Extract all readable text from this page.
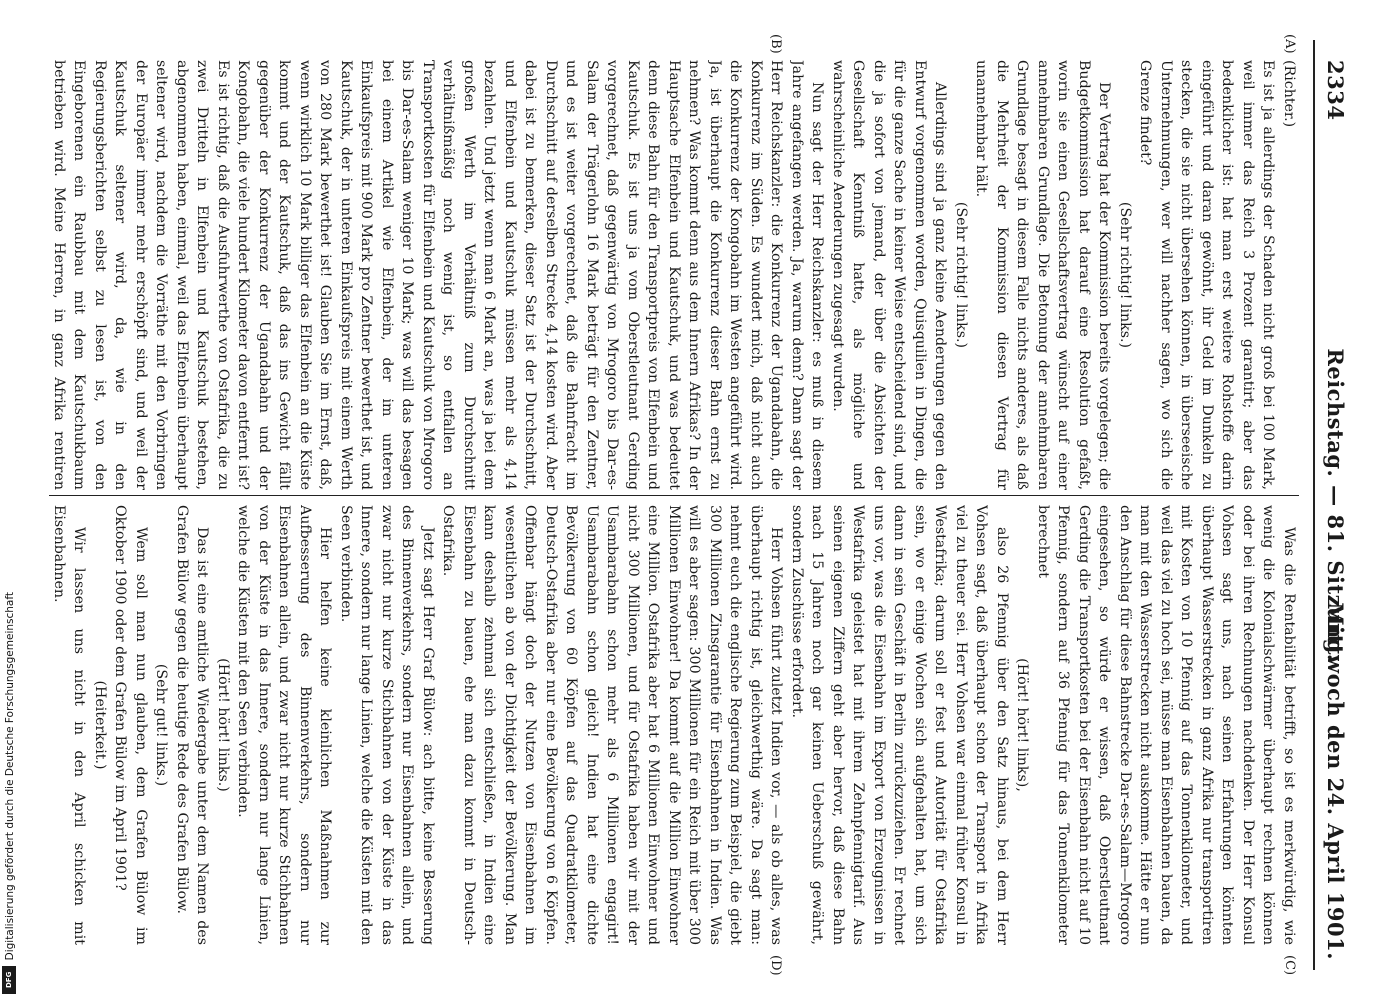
2334
Reichstag. — 81. Sitzung.
Mittwoch den 24. April 1901.
(A)
(B)
(C)
(D)

(Richter.)

Es ist ja allerdings der Schaden nicht groß bei 100 Mark, weil immer das Reich 3 Prozent garantirt; aber das bedenklicher ist: hat man erst weitere Rohstoffe darin eingeführt und daran gewöhnt, ihr Geld im Dunkeln zu stecken, die sie nicht übersehen können, in überseeische Unternehmungen, wer will nachher sagen, wo sich die Grenze findet?

(Sehr richtig! links.)

Der Vertrag hat der Kommission bereits vorgelegen; die Budgetkommission hat darauf eine Resolution gefaßt, worin sie einen Gesellschaftsvertrag wünscht auf einer annehmbaren Grundlage. Die Betonung der annehmbaren Grundlage besagt in diesem Falle nichts anderes, als daß die Mehrheit der Kommission diesen Vertrag für unannehmbar hält.

(Sehr richtig! links.)

Allerdings sind ja ganz kleine Aenderungen gegen den Entwurf vorgenommen worden, Quisquilien in Dingen, die für die ganze Sache in keiner Weise entscheidend sind, und die ja sofort von jemand, der über die Absichten der Gesellschaft Kenntniß hatte, als mögliche und wahrscheinliche Aenderungen zugesagt wurden.

Nun sagt der Herr Reichskanzler: es muß in diesem Jahre angefangen werden. Ja, warum denn? Dann sagt der Herr Reichskanzler: die Konkurrenz der Ugandabahn, die Konkurrenz im Süden. Es wundert mich, daß nicht auch die Konkurrenz der Kongobahn im Westen angeführt wird. Ja, ist überhaupt die Konkurrenz dieser Bahn ernst zu nehmen? Was kommt denn aus dem Innern Afrikas? In der Hauptsache Elfenbein und Kautschuk, und was bedeutet denn diese Bahn für den Transportpreis von Elfenbein und Kautschuk. Es ist uns ja vom Oberstleutnant Gerding vorgerechnet, daß gegenwärtig von Mrogoro bis Dar-es-Salam der Trägerlohn 16 Mark beträgt für den Zentner, und es ist weiter vorgerechnet, daß die Bahnfracht im Durchschnitt auf derselben Strecke 4,14 kosten wird. Aber dabei ist zu bemerken, dieser Satz ist der Durchschnitt, und Elfenbein und Kautschuk müssen mehr als 4,14 bezahlen. Und jetzt wenn man 6 Mark an, was ja bei dem großen Werth im Verhältniß zum Durchschnitt verhältnißmäßig noch wenig ist, so entfallen an Transportkosten für Elfenbein und Kautschuk von Mrogoro bis Dar-es-Salam weniger 10 Mark; was will das besagen bei einem Artikel wie Elfenbein, der im unteren Einkaufspreis mit 900 Mark pro Zentner bewerthet ist, und Kautschuk, der in unteren Einkaufspreis mit einem Werth von 280 Mark bewerthet ist! Glauben Sie im Ernst, daß, wenn wirklich 10 Mark billiger das Elfenbein an die Küste kommt und der Kautschuk, daß das ins Gewicht fällt gegenüber der Konkurrenz der Ugandabahn und der Kongobahn, die viele hundert Kilometer davon entfernt ist? Es ist richtig, daß die Ausfuhrwerthe von Ostafrika, die zu zwei Dritteln in Elfenbein und Kautschuk bestehen, abgenommen haben, einmal, weil das Elfenbein überhaupt seltener wird, nachdem die Vorräthe mit den Vorbringen der Europäer immer mehr erschöpft sind, und weil der Kautschuk seltener wird, da, wie in den Regierungsberichten selbst zu lesen ist, von den Eingeborenen ein Raubbau mit dem Kautschukbaum betrieben wird. Meine Herren, in ganz Afrika rentiren

Was die Rentabilität betrifft, so ist es merkwürdig, wie wenig die Kolonialschwärmer überhaupt rechnen können oder bei ihren Rechnungen nachdenken. Der Herr Konsul Vohsen sagt uns, nach seinen Erfahrungen könnten überhaupt Wasserstrecken in ganz Afrika nur transportiren mit Kosten von 10 Pfennig auf das Tonnenkilometer, und weil das viel zu hoch sei, müsse man Eisenbahnen bauen, da man mit den Wasserstrecken nicht auskomme. Hätte er nun den Anschlag für diese Bahnstrecke Dar-es-Salam—Mrogoro eingesehen, so würde er wissen, daß Oberstleutnant Gerding die Transportkosten bei der Eisenbahn nicht auf 10 Pfennig, sondern auf 36 Pfennig für das Tonnenkilometer berechnet

(Hört! hört! links),

also 26 Pfennig über den Satz hinaus, bei dem Herr Vohsen sagt, daß überhaupt schon der Transport in Afrika viel zu theuer sei. Herr Vohsen war einmal früher Konsul in Westafrika; darum soll er fest und Autorität für Ostafrika sein, wo er einige Wochen sich aufgehalten hat, um sich dann in sein Geschäft in Berlin zurückzuziehen. Er rechnet uns vor, was die Eisenbahn im Export von Erzeugnissen in Westafrika geleistet hat mit ihrem Zehnpfennigtarif. Aus seinen eigenen Ziffern geht aber hervor, daß diese Bahn nach 15 Jahren noch gar keinen Ueberschuß gewährt, sondern Zuschüsse erfordert.

Herr Vohsen führt zuletzt Indien vor, — als ob alles, was überhaupt richtig ist, gleichwerthig wäre. Da sagt man: nehmt euch die englische Regierung zum Beispiel, die giebt 300 Millionen Zinsgarantie für Eisenbahnen in Indien. Was will es aber sagen: 300 Millionen für ein Reich mit über 300 Millionen Einwohner! Da kommt auf die Million Einwohner eine Million. Ostafrika aber hat 6 Millionen Einwohner und nicht 300 Millionen, und für Ostafrika haben wir mit der Usambarabahn schon mehr als 6 Millionen engagirt! Usambarabahn schon gleich! Indien hat eine dichte Bevölkerung von 60 Köpfen auf das Quadratkilometer, Deutsch-Ostafrika aber nur eine Bevölkerung von 6 Köpfen. Offenbar hängt doch der Nutzen von Eisenbahnen im wesentlichen ab von der Dichtigkeit der Bevölkerung. Man kann deshalb zehnmal sich entschließen, in Indien eine Eisenbahn zu bauen, ehe man dazu kommt in Deutsch-Ostafrika.

Jetzt sagt Herr Graf Bülow: ach bitte, keine Besserung des Binnenverkehrs, sondern nur Eisenbahnen allein, und zwar nicht nur kurze Stichbahnen von der Küste in das Innere, sondern nur lange Linien, welche die Küsten mit den Seen verbinden.

Hier helfen keine kleinlichen Maßnahmen zur Aufbesserung des Binnenverkehrs, sondern nur Eisenbahnen allein, und zwar nicht nur kurze Stichbahnen von der Küste in das Innere, sondern nur lange Linien, welche die Küsten mit den Seen verbinden.

(Hört! hört! links.)

Das ist eine amtliche Wiedergabe unter dem Namen des Grafen Bülow gegen die heutige Rede des Grafen Bülow.

(Sehr gut! links.)

Wem soll man nun glauben, dem Grafen Bülow im Oktober 1900 oder dem Grafen Bülow im April 1901?

(Heiterkeit.)

Wir lassen uns nicht in den April schicken mit Eisenbahnen.

Digitalisierung gefördert durch die Deutsche Forschungsgemeinschaft
DFG
